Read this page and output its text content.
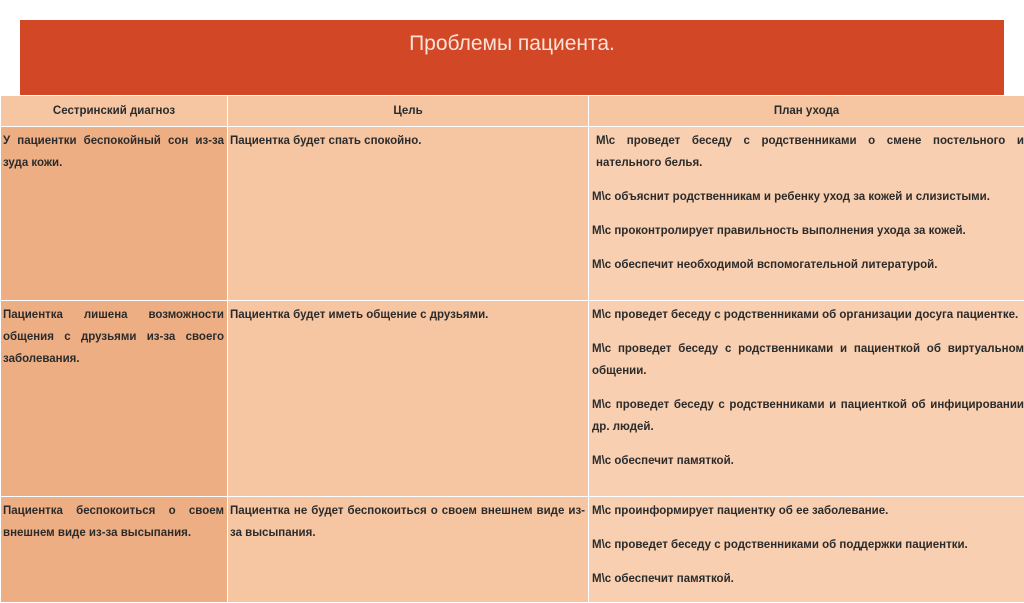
Проблемы пациента.
Сестринский диагноз	Цель	План ухода
У пациентки беспокойный сон из-за зуда кожи.	Пациентка будет спать спокойно.	М\с проведет беседу с родственниками о смене постельного и нательного белья.

М\с объяснит родственникам и ребенку уход за кожей и слизистыми.

М\с проконтролирует правильность выполнения ухода за кожей.

М\с обеспечит необходимой вспомогательной литературой.

Пациентка лишена возможности общения с друзьями из-за своего заболевания.	Пациентка будет иметь общение с друзьями.	М\с проведет беседу с родственниками об организации досуга пациентке.

М\с проведет беседу с родственниками и пациенткой об виртуальном общении.

М\с проведет беседу с родственниками и пациенткой об инфицировании др. людей.

М\с обеспечит памяткой.

Пациентка беспокоиться о своем внешнем виде из-за высыпания.	Пациентка не будет беспокоиться о своем внешнем виде из-за высыпания.	М\с проинформирует пациентку об ее заболевание.

М\с проведет беседу с родственниками об поддержки пациентки.

М\с обеспечит памяткой.
